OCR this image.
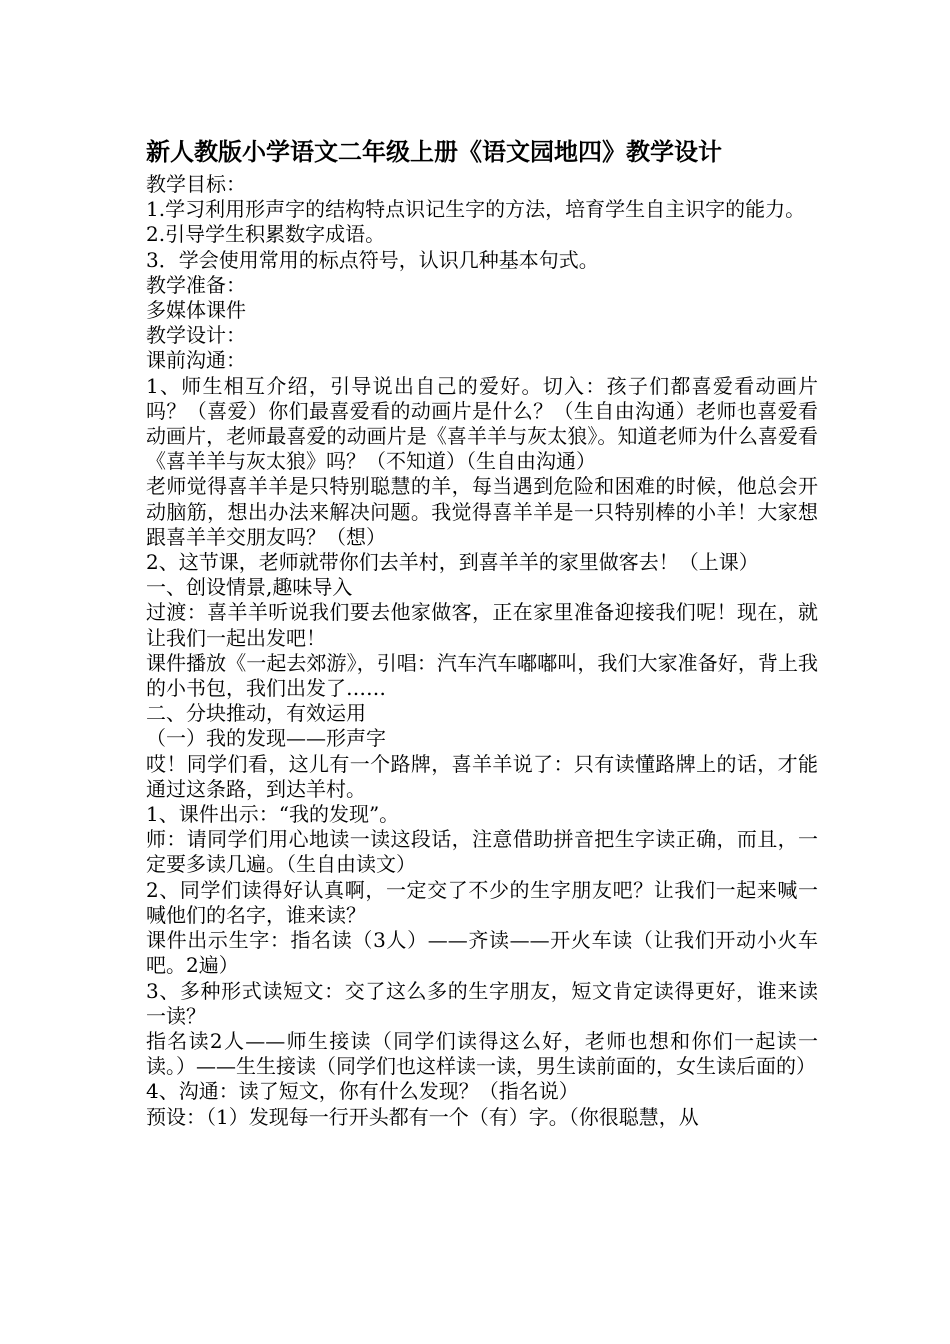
新人教版小学语文二年级上册《语文园地四》教学设计

教学目标：

1.学习利用形声字的结构特点识记生字的方法，培育学生自主识字的能力。

2.引导学生积累数字成语。

3．学会使用常用的标点符号，认识几种基本句式。

教学准备：

多媒体课件

教学设计：

课前沟通：

1、师生相互介绍，引导说出自己的爱好。切入：孩子们都喜爱看动画片吗？（喜爱）你们最喜爱看的动画片是什么？（生自由沟通）老师也喜爱看动画片，老师最喜爱的动画片是《喜羊羊与灰太狼》。知道老师为什么喜爱看《喜羊羊与灰太狼》吗？（不知道）（生自由沟通）

老师觉得喜羊羊是只特别聪慧的羊，每当遇到危险和困难的时候，他总会开动脑筋，想出办法来解决问题。我觉得喜羊羊是一只特别棒的小羊！大家想跟喜羊羊交朋友吗？（想）

2、这节课，老师就带你们去羊村，到喜羊羊的家里做客去！（上课）

一、创设情景,趣味导入

过渡：喜羊羊听说我们要去他家做客，正在家里准备迎接我们呢！现在，就让我们一起出发吧！

课件播放《一起去郊游》，引唱：汽车汽车嘟嘟叫，我们大家准备好，背上我的小书包，我们出发了……

二、分块推动，有效运用

（一）我的发现——形声字

哎！同学们看，这儿有一个路牌，喜羊羊说了：只有读懂路牌上的话，才能通过这条路，到达羊村。

1、课件出示：“我的发现”。

师：请同学们用心地读一读这段话，注意借助拼音把生字读正确，而且，一定要多读几遍。（生自由读文）

2、同学们读得好认真啊，一定交了不少的生字朋友吧？让我们一起来喊一喊他们的名字，谁来读？

课件出示生字：指名读（3人）——齐读——开火车读（让我们开动小火车吧。2遍）

3、多种形式读短文：交了这么多的生字朋友，短文肯定读得更好，谁来读一读？

指名读2人——师生接读（同学们读得这么好，老师也想和你们一起读一读。）——生生接读（同学们也这样读一读，男生读前面的，女生读后面的）

4、沟通：读了短文，你有什么发现？（指名说）

预设：（1）发现每一行开头都有一个（有）字。（你很聪慧，从
